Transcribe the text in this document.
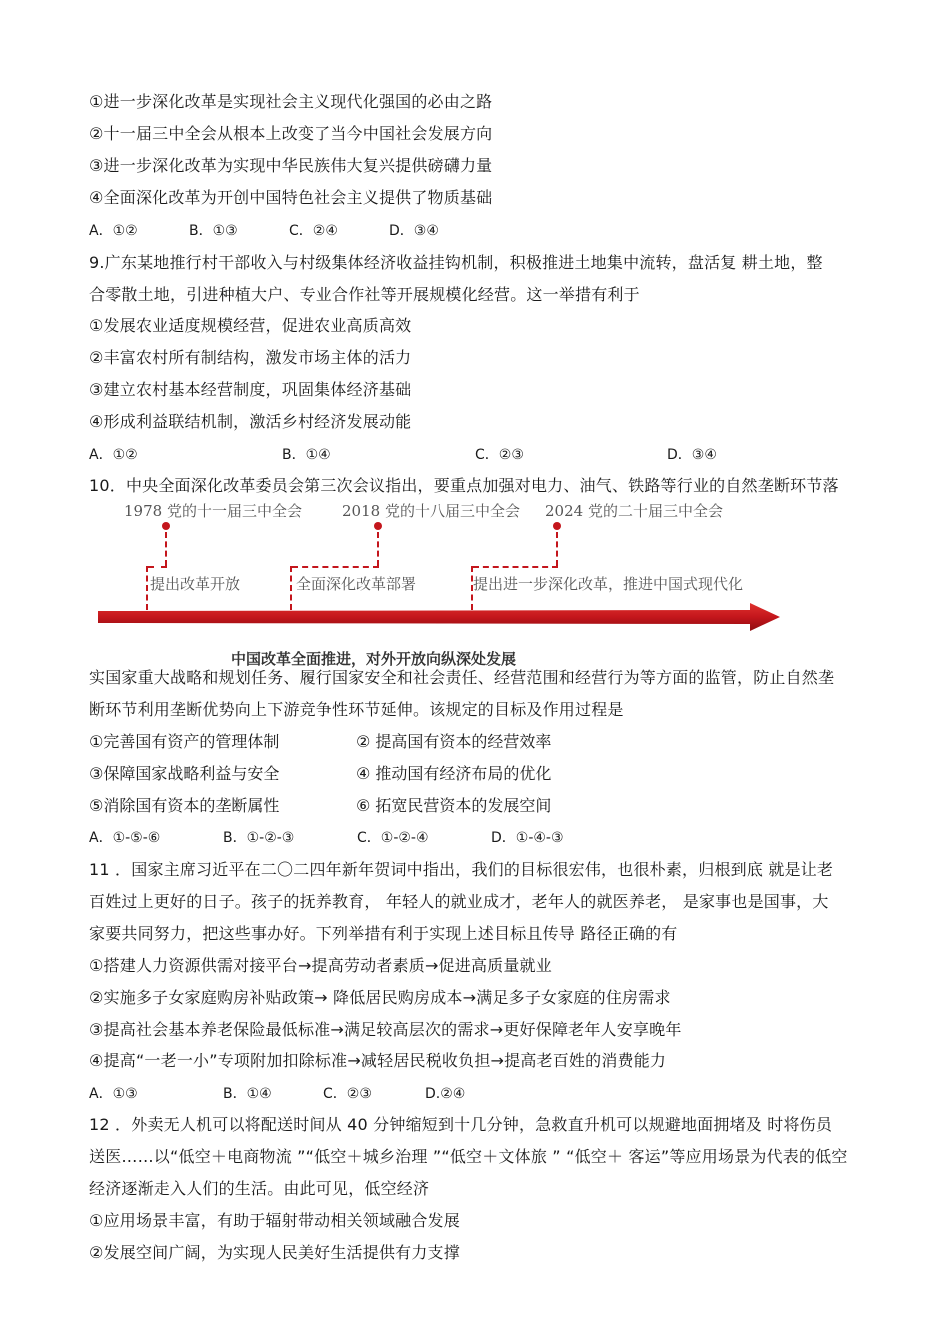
①进一步深化改革是实现社会主义现代化强国的必由之路
②十一届三中全会从根本上改变了当今中国社会发展方向
③进一步深化改革为实现中华民族伟大复兴提供磅礴力量
④全面深化改革为开创中国特色社会主义提供了物质基础
A．①②	B．①③	C．②④	D．③④
9.广东某地推行村干部收入与村级集体经济收益挂钩机制，积极推进土地集中流转，盘活复 耕土地，整
合零散土地，引进种植大户、专业合作社等开展规模化经营。这一举措有利于
①发展农业适度规模经营，促进农业高质高效
②丰富农村所有制结构，激发市场主体的活力
③建立农村基本经营制度，巩固集体经济基础
④形成利益联结机制，激活乡村经济发展动能
A．①②	B．①④	C．②③	D．③④
10．中央全面深化改革委员会第三次会议指出，要重点加强对电力、油气、铁路等行业的自然垄断环节落
1978 党的十一届三中全会	2018 党的十八届三中全会 2024 党的二十届三中全会
提出改革开放	全面深化改革部署	提出进一步深化改革，推进中国式现代化
中国改革全面推进，对外开放向纵深处发展
实国家重大战略和规划任务、履行国家安全和社会责任、经营范围和经营行为等方面的监管，防止自然垄
断环节利用垄断优势向上下游竞争性环节延伸。该规定的目标及作用过程是
①完善国有资产的管理体制	② 提高国有资本的经营效率
③保障国家战略利益与安全	④ 推动国有经济布局的优化
⑤消除国有资本的垄断属性	⑥ 拓宽民营资本的发展空间
A．①-⑤-⑥	B．①-②-③	C．①-②-④	D．①-④-③
11 ．国家主席习近平在二〇二四年新年贺词中指出，我们的目标很宏伟，也很朴素，归根到底 就是让老
百姓过上更好的日子。孩子的抚养教育， 年轻人的就业成才，老年人的就医养老， 是家事也是国事，大
家要共同努力，把这些事办好。下列举措有利于实现上述目标且传导 路径正确的有
①搭建人力资源供需对接平台→提高劳动者素质→促进高质量就业
②实施多子女家庭购房补贴政策→ 降低居民购房成本→满足多子女家庭的住房需求
③提高社会基本养老保险最低标准→满足较高层次的需求→更好保障老年人安享晚年
④提高“一老一小”专项附加扣除标准→减轻居民税收负担→提高老百姓的消费能力
A．①③	B．①④	C．②③	D.②④
12 ．外卖无人机可以将配送时间从 40 分钟缩短到十几分钟，急救直升机可以规避地面拥堵及 时将伤员
送医……以“低空＋电商物流 ”“低空＋城乡治理 ”“低空＋文体旅 ” “低空＋ 客运”等应用场景为代表的低空
经济逐渐走入人们的生活。由此可见，低空经济
①应用场景丰富，有助于辐射带动相关领域融合发展
②发展空间广阔，为实现人民美好生活提供有力支撑
